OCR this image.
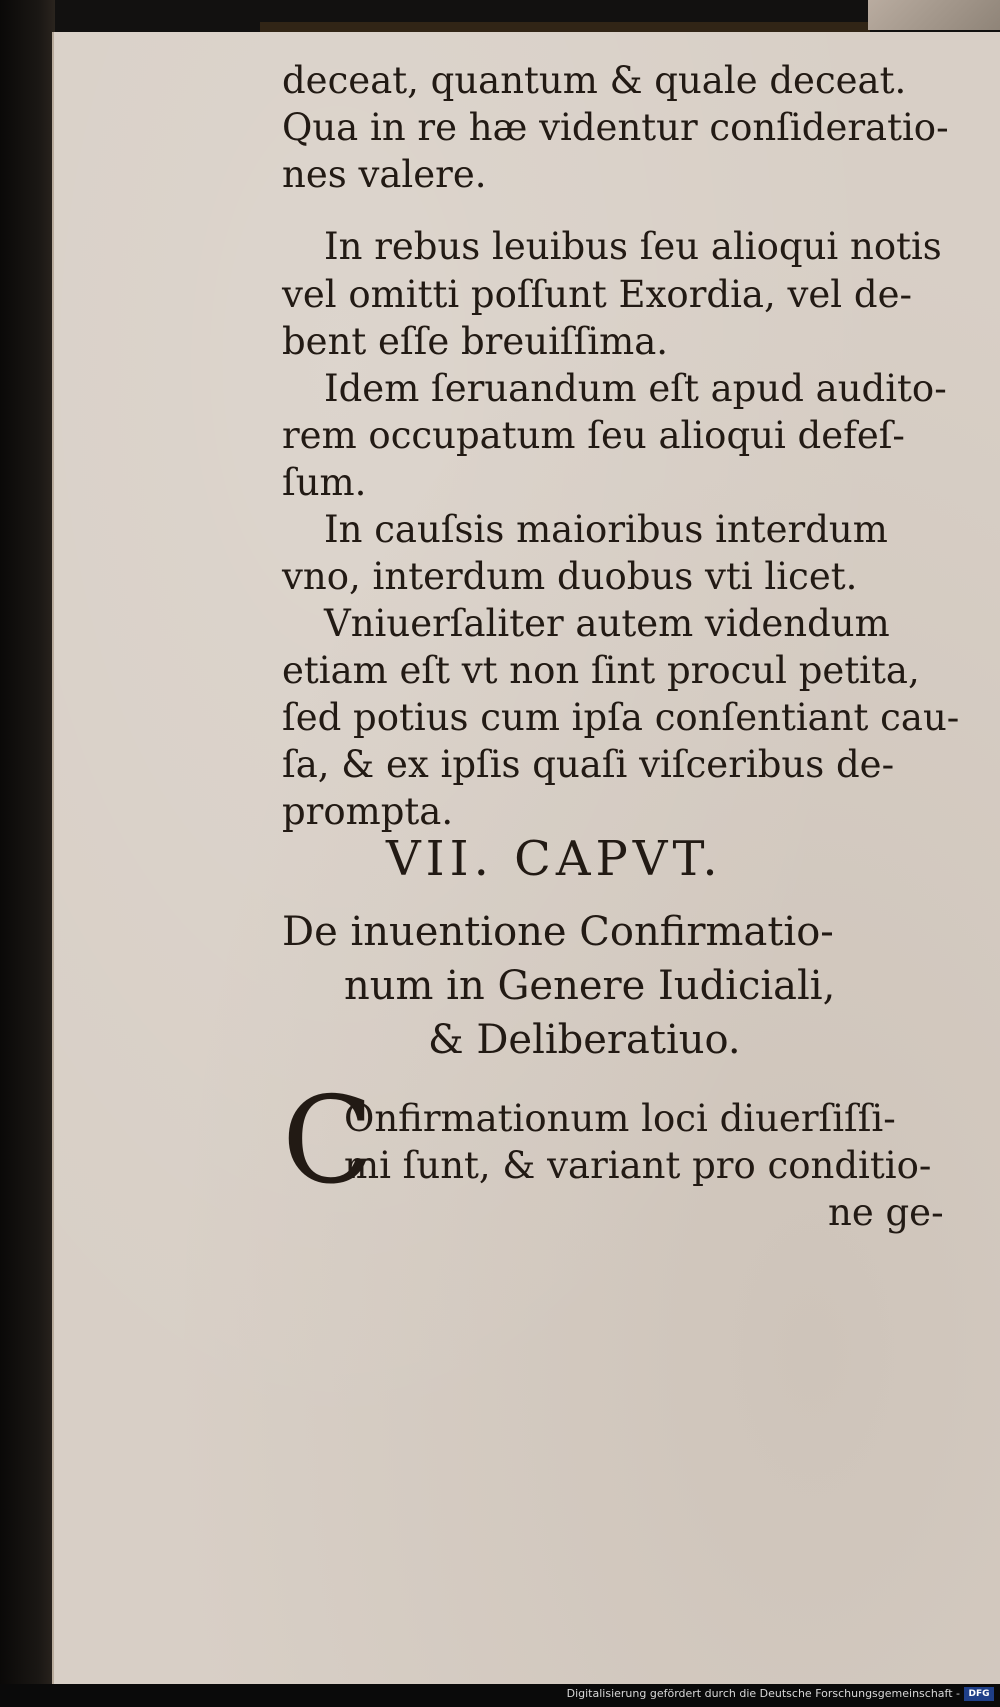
deceat, quantum & quale deceat.

Qua in re hæ videntur conſideratio-

nes valere.

In rebus leuibus ſeu alioqui notis

vel omitti poſſunt Exordia, vel de-

bent eſſe breuiſſima.

Idem ſeruandum eſt apud audito-

rem occupatum ſeu alioqui defeſ-

ſum.

In cauſsis maioribus interdum

vno, interdum duobus vti licet.

Vniuerſaliter autem videndum

etiam eſt vt non ſint procul petita,

ſed potius cum ipſa conſentiant cau-

ſa, & ex ipſis quaſi viſceribus de-

prompta.

VII. CAPVT.

De inuentione Confirmatio-

num in Genere Iudiciali,

& Deliberatiuo.

C

Onfirmationum loci diuerſiſſi-

mi ſunt, & variant pro conditio-

ne ge-

Digitalisierung gefördert durch die Deutsche Forschungsgemeinschaft - DFG
